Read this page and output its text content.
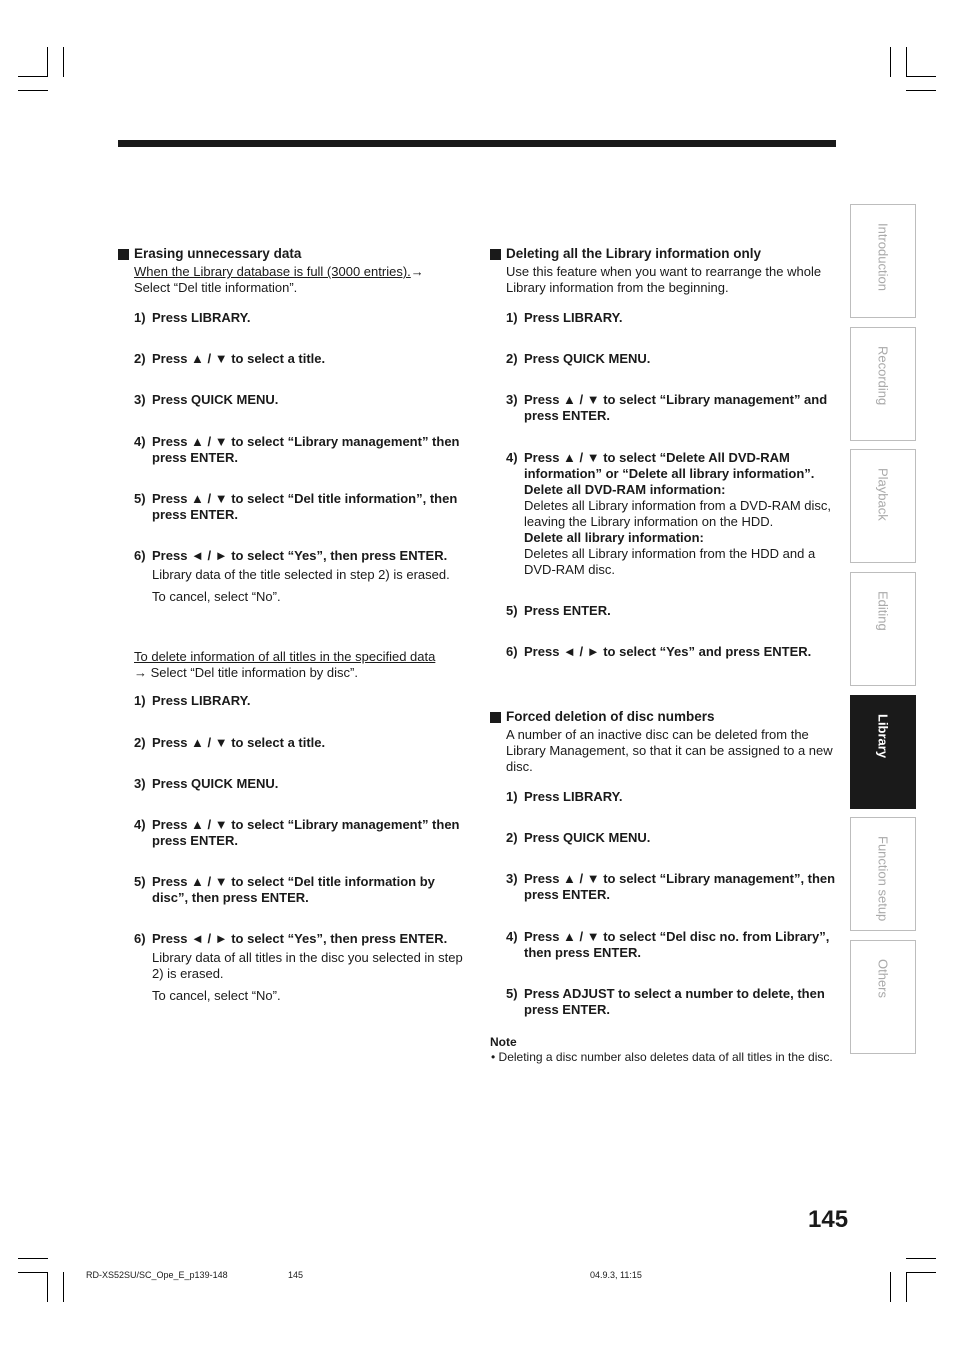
Erasing unnecessary data
When the Library database is full (3000 entries).→
Select “Del title information”.
1) Press LIBRARY.
2) Press ▲ / ▼ to select a title.
3) Press QUICK MENU.
4) Press ▲ / ▼ to select “Library management” then press ENTER.
5) Press ▲ / ▼ to select “Del title information”, then press ENTER.
6) Press ◄ / ► to select “Yes”, then press ENTER.
Library data of the title selected in step 2) is erased.
To cancel, select “No”.
To delete information of all titles in the specified data
→ Select “Del title information by disc”.
1) Press LIBRARY.
2) Press ▲ / ▼ to select a title.
3) Press QUICK MENU.
4) Press ▲ / ▼ to select “Library management” then press ENTER.
5) Press ▲ / ▼ to select “Del title information by disc”, then press ENTER.
6) Press ◄ / ► to select “Yes”, then press ENTER.
Library data of all titles in the disc you selected in step 2) is erased.
To cancel, select “No”.
Deleting all the Library information only
Use this feature when you want to rearrange the whole Library information from the beginning.
1) Press LIBRARY.
2) Press QUICK MENU.
3) Press ▲ / ▼ to select “Library management” and press ENTER.
4) Press ▲ / ▼ to select “Delete All DVD-RAM information” or “Delete all library information”.
Delete all DVD-RAM information:
Deletes all Library information from a DVD-RAM disc, leaving the Library information on the HDD.
Delete all library information:
Deletes all Library information from the HDD and a DVD-RAM disc.
5) Press ENTER.
6) Press ◄ / ► to select “Yes” and press ENTER.
Forced deletion of disc numbers
A number of an inactive disc can be deleted from the Library Management, so that it can be assigned to a new disc.
1) Press LIBRARY.
2) Press QUICK MENU.
3) Press ▲ / ▼ to select “Library management”, then press ENTER.
4) Press ▲ / ▼ to select “Del disc no. from Library”, then press ENTER.
5) Press ADJUST to select a number to delete, then press ENTER.
Note
• Deleting a disc number also deletes data of all titles in the disc.
Introduction
Recording
Playback
Editing
Library
Function setup
Others
145
RD-XS52SU/SC_Ope_E_p139-148	145	04.9.3, 11:15
